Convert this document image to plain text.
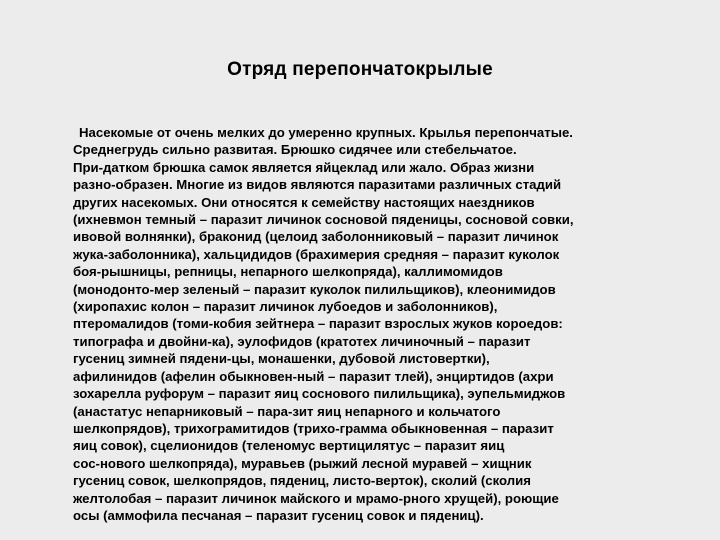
Отряд перепончатокрылые

Насекомые от очень мелких до умеренно крупных. Крылья перепончатые.
Среднегрудь сильно развитая. Брюшко сидячее или стебельчатое.
При-датком брюшка самок является яйцеклад или жало. Образ жизни
разно-образен. Многие из видов являются паразитами различных стадий
других насекомых. Они относятся к семейству настоящих наездников
(ихневмон темный – паразит личинок сосновой пяденицы, сосновой совки,
ивовой волнянки), браконид (целоид заболонниковый – паразит личинок
жука-заболонника), хальцидидов (брахимерия средняя – паразит куколок
боя-рышницы, репницы, непарного шелкопряда), каллимомидов
(монодонто-мер зеленый – паразит куколок пилильщиков), клеонимидов
(хиропахис колон – паразит личинок лубоедов и заболонников),
птеромалидов (томи-кобия зейтнера – паразит взрослых жуков короедов:
типографа и двойни-ка), эулофидов (кратотех личиночный – паразит
гусениц зимней пядени-цы, монашенки, дубовой листовертки),
афилинидов (афелин обыкновен-ный – паразит тлей), энциртидов (ахри
зохарелла руфорум – паразит яиц соснового пилильщика), эупельмиджов
(анастатус непарниковый – пара-зит яиц непарного и кольчатого
шелкопрядов), трихограмитидов (трихо-грамма обыкновенная – паразит
яиц совок), сцелионидов (теленомус вертицилятус – паразит яиц
сос-нового шелкопряда), муравьев (рыжий лесной муравей – хищник
гусениц совок, шелкопрядов, пядениц, листо-верток), сколий (сколия
желтолобая – паразит личинок майского и мрамо-рного хрущей), роющие
осы (аммофила песчаная – паразит гусениц совок и пядениц).
